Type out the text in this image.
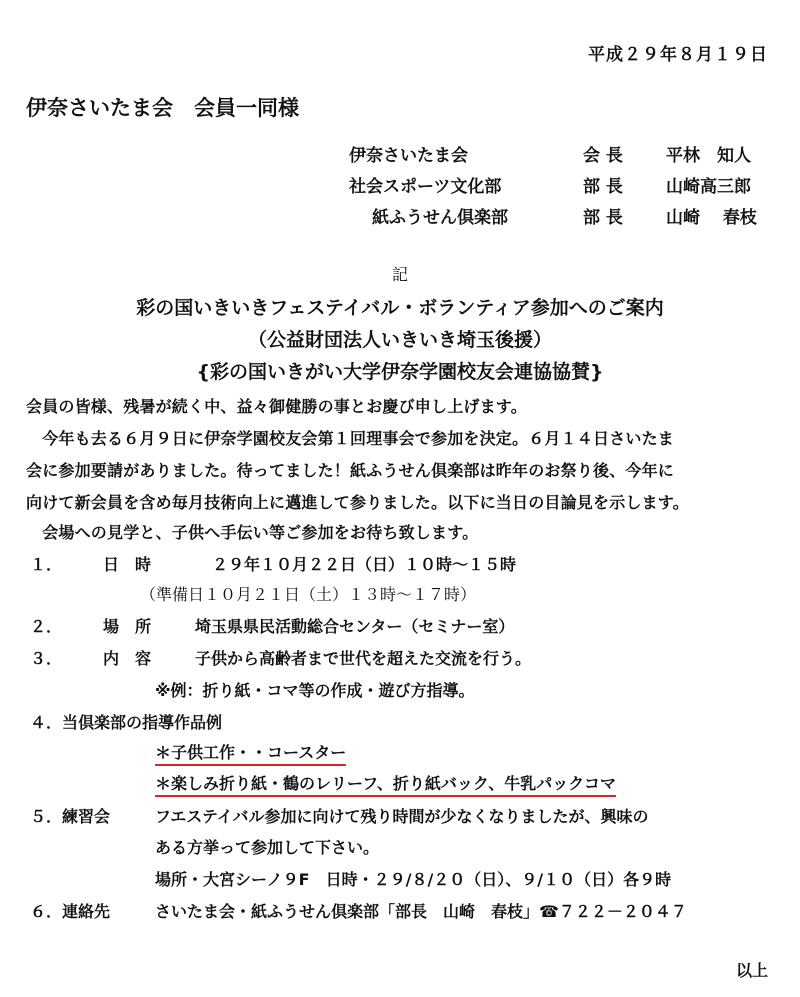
平成２９年８月１９日
伊奈さいたま会　会員一同様
伊奈さいたま会	会 長	平林　知人
社会スポーツ文化部	部 長	山崎高三郎
紙ふうせん倶楽部	部 長	山崎　 春枝
記
彩の国いきいきフェステイバル・ボランティア参加へのご案内
（公益財団法人いきいき埼玉後援）
{彩の国いきがい大学伊奈学園校友会連協協賛}
会員の皆様、残暑が続く中、益々御健勝の事とお慶び申し上げます。
　今年も去る６月９日に伊奈学園校友会第１回理事会で参加を決定。６月１４日さいたま
会に参加要請がありました。待ってました！紙ふうせん倶楽部は昨年のお祭り後、今年に
向けて新会員を含め毎月技術向上に邁進して参りました。以下に当日の目論見を示します。
　会場への見学と、子供へ手伝い等ご参加をお待ち致します。
１．	日　時	２９年１０月２２日（日）１０時～１５時
（準備日１０月２１日（土）１３時～１７時）
２．	場　所	埼玉県県民活動総合センター（セミナー室）
３．	内　容	子供から高齢者まで世代を超えた交流を行う。
※例：折り紙・コマ等の作成・遊び方指導。
４． 当倶楽部の指導作品例
＊子供工作・・コースター
＊楽しみ折り紙・鶴のレリーフ、折り紙バック、牛乳パックコマ
５． 練習会	フエステイバル参加に向けて残り時間が少なくなりましたが、興味の
ある方挙って参加して下さい。
場所・大宮シーノ９F　日時・２９/８/２０（日）、９/１０（日）各９時
６． 連絡先	さいたま会・紙ふうせん倶楽部「部長　山崎　春枝」☎７２２－２０４７
以上
